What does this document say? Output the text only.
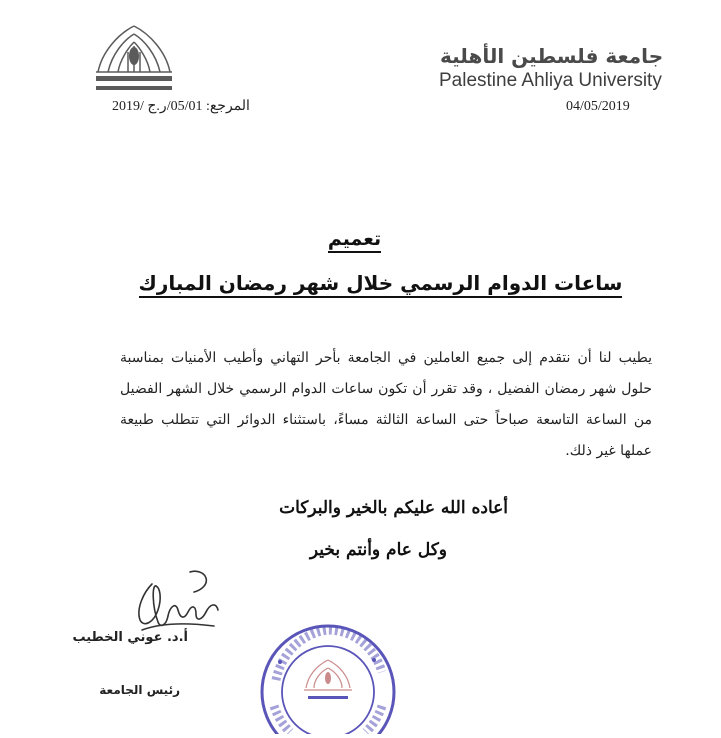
جامعة فلسطين الأهلية
Palestine Ahliya University
04/05/2019
المرجع: 05/01/ر.ج /2019
تعميم
ساعات الدوام الرسمي خلال شهر رمضان المبارك
يطيب لنا أن نتقدم إلى جميع العاملين في الجامعة بأحر التهاني وأطيب الأمنيات بمناسبة حلول شهر رمضان الفضيل ، وقد تقرر أن تكون ساعات الدوام الرسمي خلال الشهر الفضيل من الساعة التاسعة صباحاً حتى الساعة الثالثة مساءً، باستثناء الدوائر التي تتطلب طبيعة عملها غير ذلك.
أعاده الله عليكم بالخير والبركات
وكل عام وأنتم بخير
أ.د. عوني الخطيب
رئيس الجامعة
